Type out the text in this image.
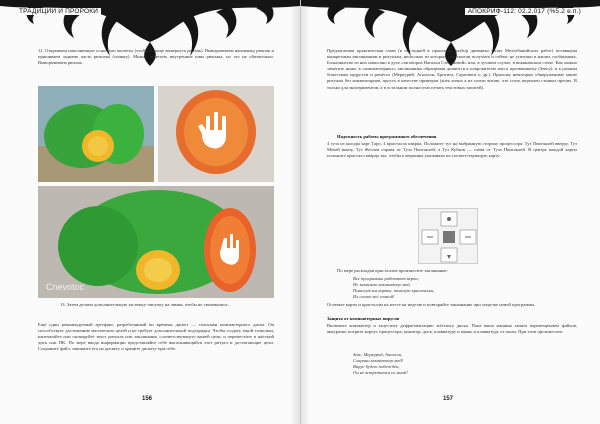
ТРАДИЦИИ И ПРОРОКИ
12. Открываем наполненную основную жилетку (чтобы в конце вывернуть ремень). Выворачиваем наизнанку рюкзак и пришиваем заднюю часть рюкзака (спинку). Можно обметать внутренние швы рюкзака, но это не обязательно. Выворачиваем рюкзак.
Cnevotoc
13. Затем делаем дополнительную застежку-липучку на лямки, чтобы не сваливались.
Ещё один рекомендуемый артефакт, разработанный во времена дискет — талисман компьютерного диска. Он способствует достижению магических целей и не требует дополнительной подзарядки. Чтобы создать такой талисман, напечатайте или скопируйте текст ритуала или заклинания, соответствующего вашей цели, и переместите в жёсткий диск или ПК. По мере ввода информации представляйте себе выполняющийся этот ритуал и достигающие цели. Сохраните файл, запишите его на дискету и храните дискету при себе.
156
АПОКРИФ-112: 02.2.017 (%5.2 е.п.)
Предлагаемая практическая глава (в последней в прошлому разбор дневника своих Мелхебанийских работ) посвящена конкретным заклинаниям и ритуалам, несколько из которых уже смогли получить и сейчас не успешно в наших сообщениях. Большинство из них написано в духе «заговоров Натальи Степановой» или, в лучшем случае, в виккианском стиле. Как можно заметить ниже, в «компьютерных» заклинаниях обращения делаются к покровителю или к прозвонингку (Зевсу), и к разным божествам мудрости и ремёсел (Меркурий, Аполлон, Бригита, Сарасвати и др.). Приложу некоторые обнаруженные мною ритуалы без комментариев, просто в качестве примеров (хотя лично я их почти читаю, что столь нереален стишки прочих. В только для экспериментов, а в остальном полностью печать текстовых записей).
Надежность работы программного обеспечения
4 туза из колоды карт Таро, 4 кристалла кварца. Положите туз на выбранную сторону процессора: Туз Пентаклей вверху, Туз Мечей внизу, Туз Жезлов справа от Туза Пентаклей, а Туз Кубков — слева от Туза Пентаклей. В центре каждой карты положите кристалл кварца так, чтобы к вершины указывали на соответствующую карту:
По мере раскладки кристаллов произнесите заклинание:
Все программы работают верно,
Не зависает компьютер мой,
Помогут им карты, помогут кристаллы,
Их силою всё сочной!
Оставьте карты и кристаллы на месте на неделю и повторяйте заклинание при загрузке новой программы.
Защита от компьютерных вирусов
Включите компьютер и запустите дефрагментацию жёсткого диска. Пока ваша машина занята перемещением файлов, аккуратно потрите корпус процессора, монитор, диск, клавиатуру и мышь и клавиатуру от пыли. При этом произнесите:
Зевс, Меркурий, Аполлон,
Сохрани компьютер мой!
Вирус будет побеждён,
Он не встретится со мной!
157
